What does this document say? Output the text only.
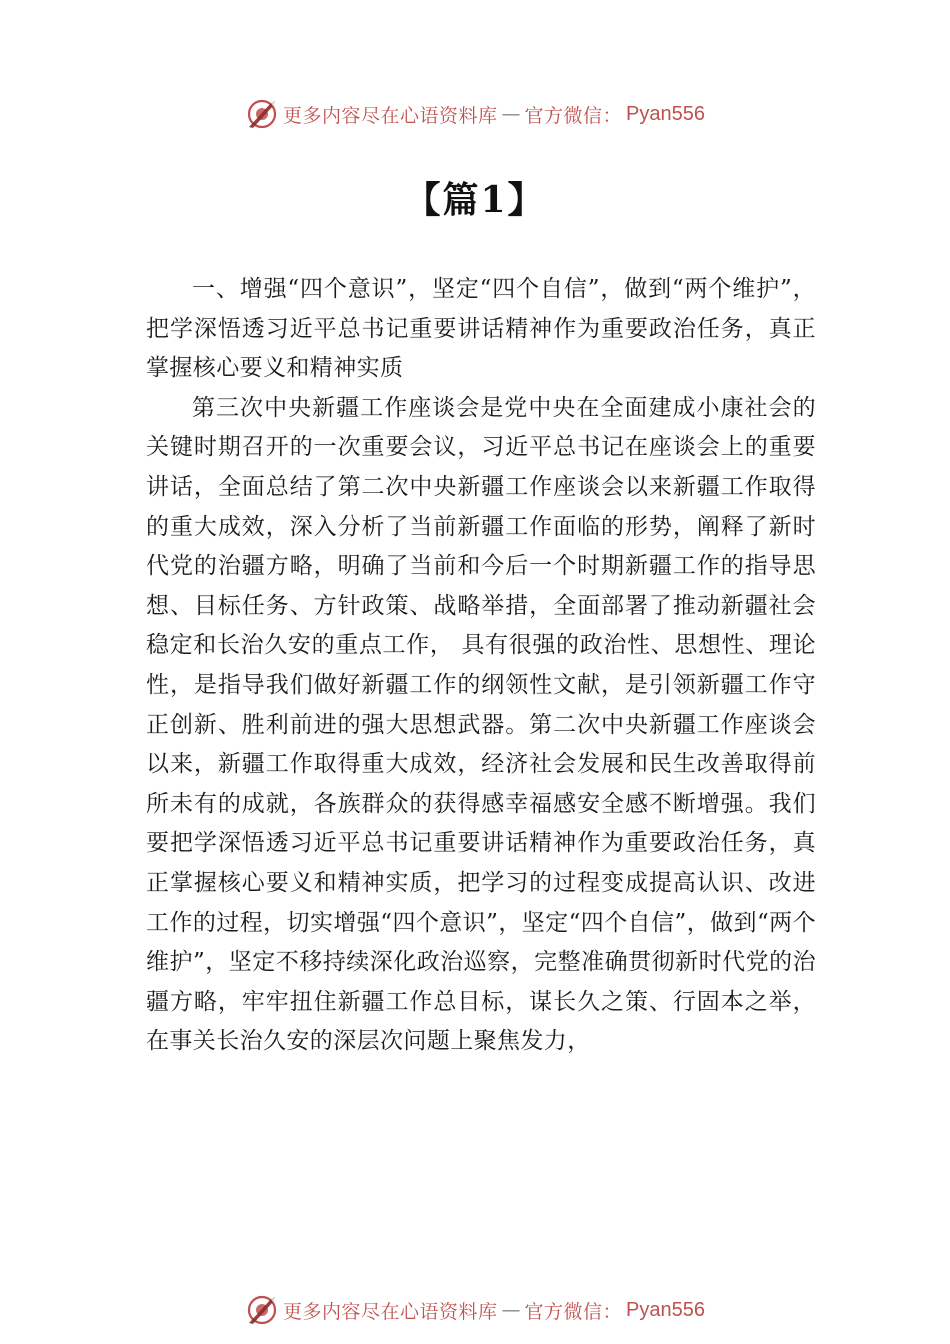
更多内容尽在心语资料库 — 官方微信： Pyan556
【篇1】

一、增强“四个意识”，坚定“四个自信”，做到“两个维护”，把学深悟透习近平总书记重要讲话精神作为重要政治任务，真正掌握核心要义和精神实质

第三次中央新疆工作座谈会是党中央在全面建成小康社会的关键时期召开的一次重要会议，习近平总书记在座谈会上的重要讲话，全面总结了第二次中央新疆工作座谈会以来新疆工作取得的重大成效，深入分析了当前新疆工作面临的形势，阐释了新时代党的治疆方略，明确了当前和今后一个时期新疆工作的指导思想、目标任务、方针政策、战略举措，全面部署了推动新疆社会稳定和长治久安的重点工作， 具有很强的政治性、思想性、理论性，是指导我们做好新疆工作的纲领性文献，是引领新疆工作守正创新、胜利前进的强大思想武器。第二次中央新疆工作座谈会以来，新疆工作取得重大成效，经济社会发展和民生改善取得前所未有的成就，各族群众的获得感幸福感安全感不断增强。我们要把学深悟透习近平总书记重要讲话精神作为重要政治任务，真正掌握核心要义和精神实质，把学习的过程变成提高认识、改进工作的过程，切实增强“四个意识”，坚定“四个自信”，做到“两个维护”，坚定不移持续深化政治巡察，完整准确贯彻新时代党的治疆方略，牢牢扭住新疆工作总目标，谋长久之策、行固本之举，在事关长治久安的深层次问题上聚焦发力，

更多内容尽在心语资料库 — 官方微信： Pyan556
